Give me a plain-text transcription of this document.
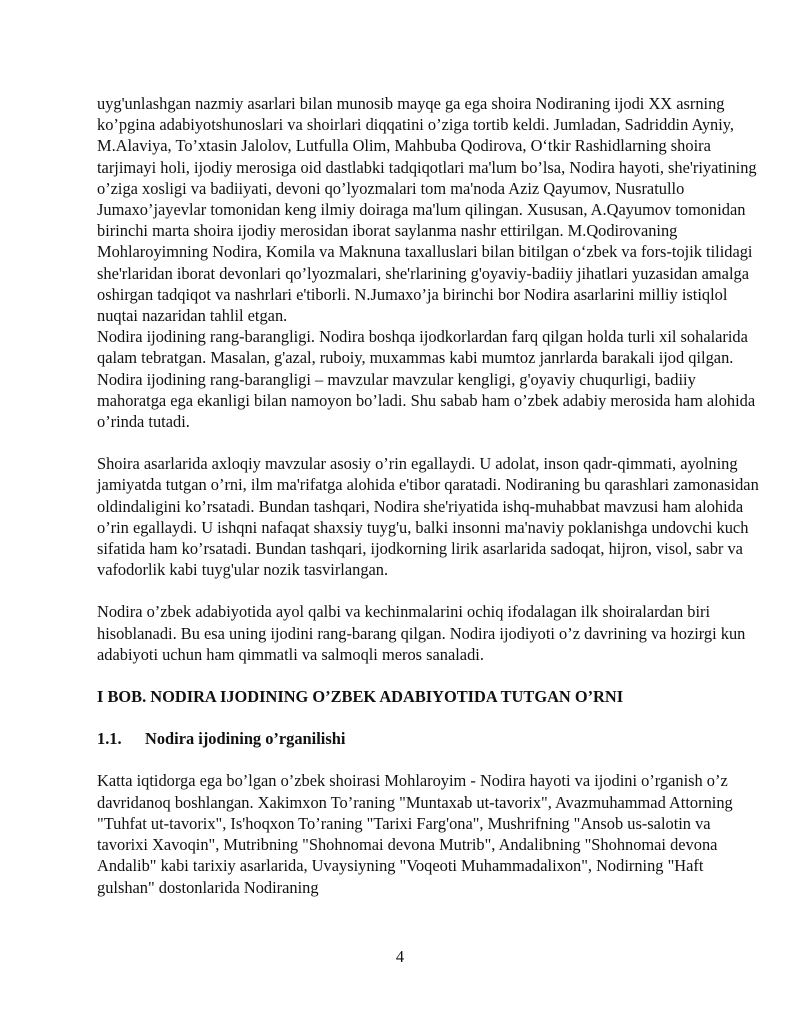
uyg'unlashgan nazmiy asarlari bilan munosib mayqe ga ega shoira Nodiraning ijodi XX asrning ko’pgina adabiyotshunoslari va shoirlari diqqatini o’ziga tortib keldi. Jumladan, Sadriddin Ayniy, M.Alaviya, To’xtasin Jalolov, Lutfulla Olim, Mahbuba Qodirova, O‘tkir Rashidlarning shoira tarjimayi holi, ijodiy merosiga oid dastlabki tadqiqotlari ma'lum bo’lsa, Nodira hayoti, she'riyatining o’ziga xosligi va badiiyati, devoni qo’lyozmalari tom ma'noda Aziz Qayumov, Nusratullo Jumaxo’jayevlar tomonidan keng ilmiy doiraga ma'lum qilingan. Xususan, A.Qayumov tomonidan birinchi marta shoira ijodiy merosidan iborat saylanma nashr ettirilgan. M.Qodirovaning Mohlaroyimning Nodira, Komila va Maknuna taxalluslari bilan bitilgan o‘zbek va fors-tojik tilidagi she'rlaridan iborat devonlari qo’lyozmalari, she'rlarining g'oyaviy-badiiy jihatlari yuzasidan amalga oshirgan tadqiqot va nashrlari e'tiborli. N.Jumaxo’ja birinchi bor Nodira asarlarini milliy istiqlol nuqtai nazaridan tahlil etgan.

Nodira ijodining rang-barangligi. Nodira boshqa ijodkorlardan farq qilgan holda turli xil sohalarida qalam tebratgan. Masalan, g'azal, ruboiy, muxammas kabi mumtoz janrlarda barakali ijod qilgan. Nodira ijodining rang-barangligi – mavzular mavzular kengligi, g'oyaviy chuqurligi, badiiy mahoratga ega ekanligi bilan namoyon bo’ladi. Shu sabab ham o’zbek adabiy merosida ham alohida o’rinda tutadi.

Shoira asarlarida axloqiy mavzular asosiy o’rin egallaydi. U adolat, inson qadr-qimmati, ayolning jamiyatda tutgan o’rni, ilm ma'rifatga alohida e'tibor qaratadi. Nodiraning bu qarashlari zamonasidan oldindaligini ko’rsatadi. Bundan tashqari, Nodira she'riyatida ishq-muhabbat mavzusi ham alohida o’rin egallaydi. U ishqni nafaqat shaxsiy tuyg'u, balki insonni ma'naviy poklanishga undovchi kuch sifatida ham ko’rsatadi. Bundan tashqari, ijodkorning lirik asarlarida sadoqat, hijron, visol, sabr va vafodorlik kabi tuyg'ular nozik tasvirlangan.

Nodira o’zbek adabiyotida ayol qalbi va kechinmalarini ochiq ifodalagan ilk shoiralardan biri hisoblanadi. Bu esa uning ijodini rang-barang qilgan. Nodira ijodiyoti o’z davrining va hozirgi kun adabiyoti uchun ham qimmatli va salmoqli meros sanaladi.

I BOB. NODIRA IJODINING O’ZBEK ADABIYOTIDA TUTGAN O’RNI

1.1. Nodira ijodining o’rganilishi

Katta iqtidorga ega bo’lgan o’zbek shoirasi Mohlaroyim - Nodira hayoti va ijodini o’rganish o’z davridanoq boshlangan. Xakimxon To’raning "Muntaxab ut-tavorix", Avazmuhammad Attorning "Tuhfat ut-tavorix", Is'hoqxon To’raning "Tarixi Farg'ona", Mushrifning "Ansob us-salotin va tavorixi Xavoqin", Mutribning "Shohnomai devona Mutrib", Andalibning "Shohnomai devona Andalib" kabi tarixiy asarlarida, Uvaysiyning "Voqeoti Muhammadalixon", Nodirning "Haft gulshan" dostonlarida Nodiraning

4
